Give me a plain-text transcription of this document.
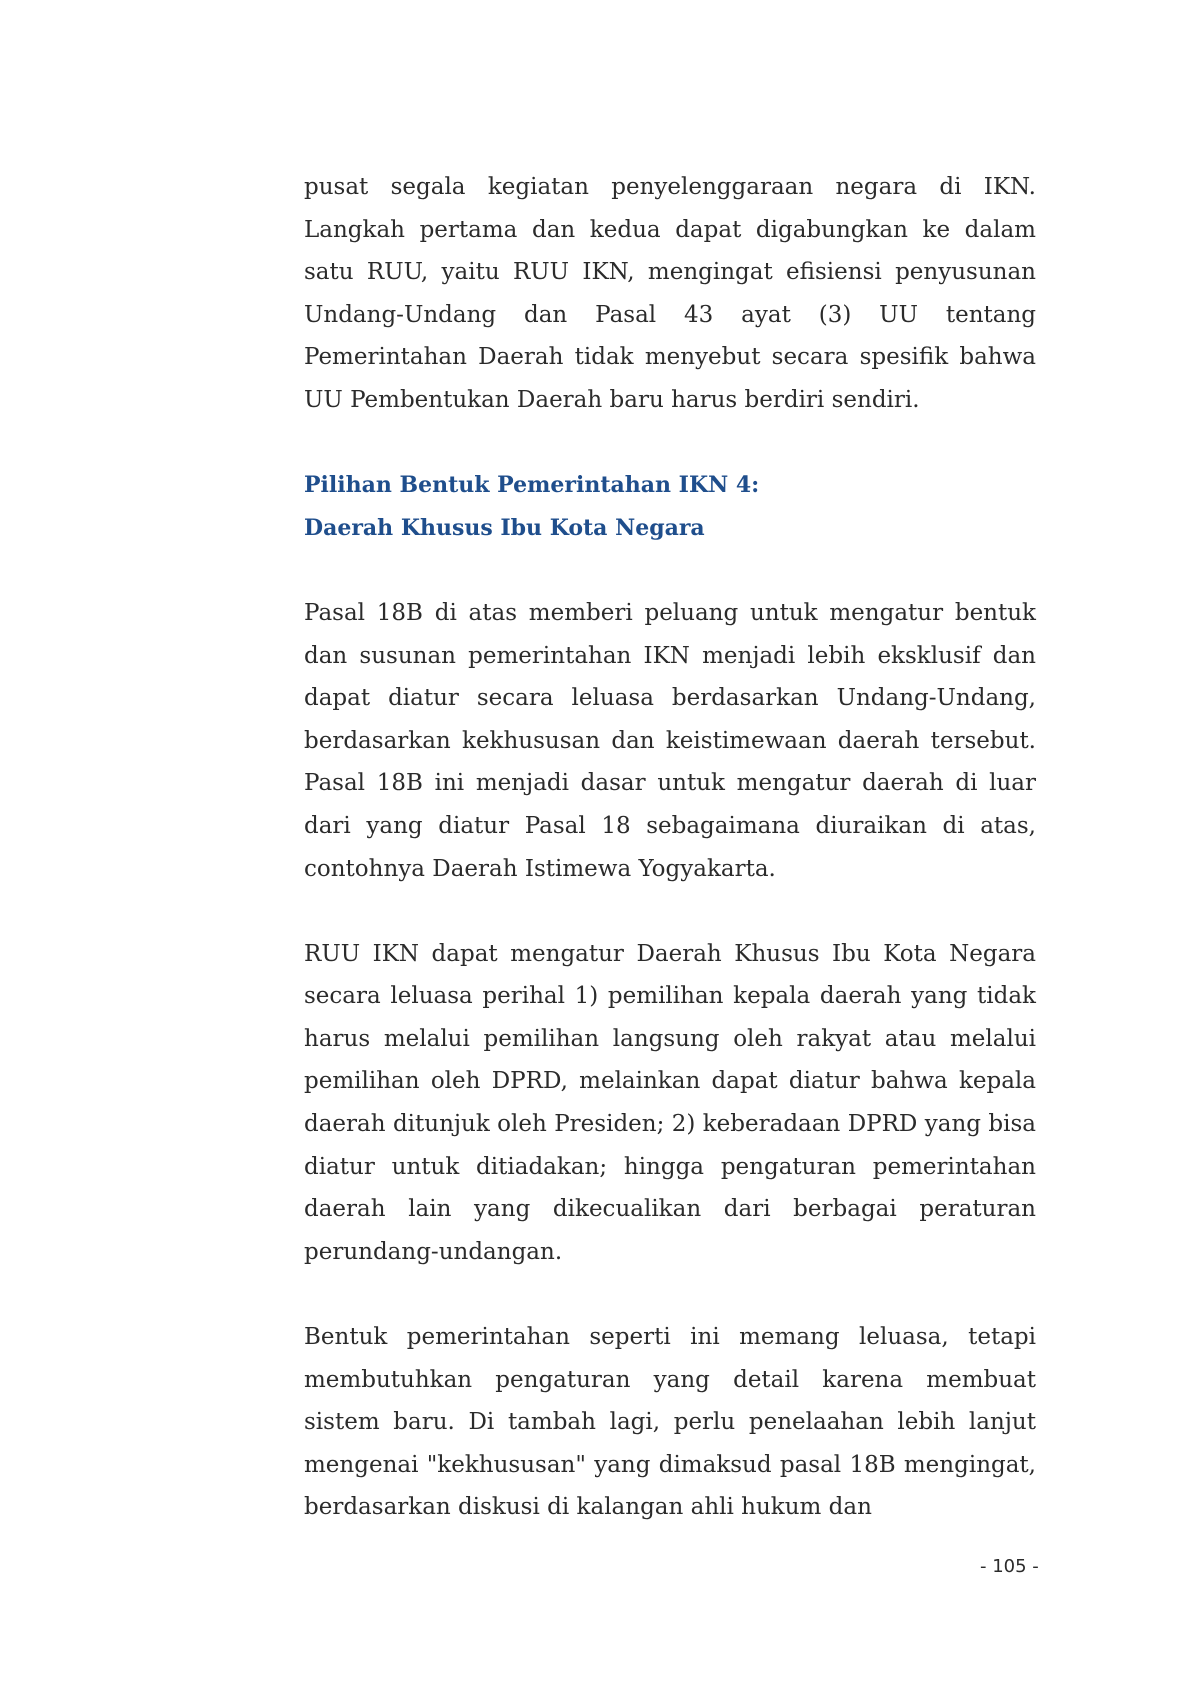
pusat segala kegiatan penyelenggaraan negara di IKN. Langkah pertama dan kedua dapat digabungkan ke dalam satu RUU, yaitu RUU IKN, mengingat efisiensi penyusunan Undang-Undang dan Pasal 43 ayat (3) UU tentang Pemerintahan Daerah tidak menyebut secara spesifik bahwa UU Pembentukan Daerah baru harus berdiri sendiri.

Pilihan Bentuk Pemerintahan IKN 4:

Daerah Khusus Ibu Kota Negara

Pasal 18B di atas memberi peluang untuk mengatur bentuk dan susunan pemerintahan IKN menjadi lebih eksklusif dan dapat diatur secara leluasa berdasarkan Undang-Undang, berdasarkan kekhususan dan keistimewaan daerah tersebut. Pasal 18B ini menjadi dasar untuk mengatur daerah di luar dari yang diatur Pasal 18 sebagaimana diuraikan di atas, contohnya Daerah Istimewa Yogyakarta.

RUU IKN dapat mengatur Daerah Khusus Ibu Kota Negara secara leluasa perihal 1) pemilihan kepala daerah yang tidak harus melalui pemilihan langsung oleh rakyat atau melalui pemilihan oleh DPRD, melainkan dapat diatur bahwa kepala daerah ditunjuk oleh Presiden; 2) keberadaan DPRD yang bisa diatur untuk ditiadakan; hingga pengaturan pemerintahan daerah lain yang dikecualikan dari berbagai peraturan perundang-undangan.

Bentuk pemerintahan seperti ini memang leluasa, tetapi membutuhkan pengaturan yang detail karena membuat sistem baru. Di tambah lagi, perlu penelaahan lebih lanjut mengenai "kekhususan" yang dimaksud pasal 18B mengingat, berdasarkan diskusi di kalangan ahli hukum dan

- 105 -
